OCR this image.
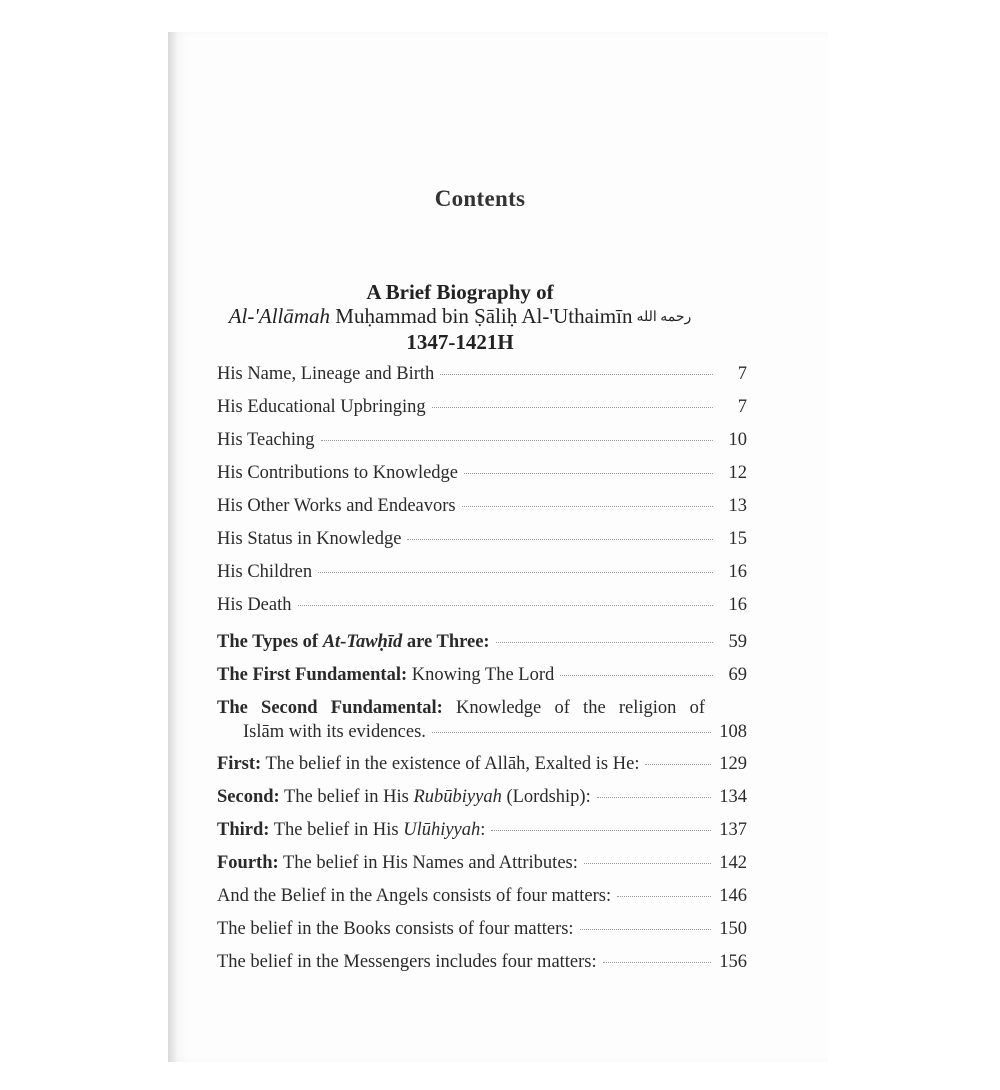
Contents
A Brief Biography of
Al-'Allāmah Muḥammad bin Ṣāliḥ Al-'Uthaimīn رحمه الله
1347-1421H
His Name, Lineage and Birth	7
His Educational Upbringing	7
His Teaching	10
His Contributions to Knowledge	12
His Other Works and Endeavors	13
His Status in Knowledge	15
His Children	16
His Death	16
The Types of At-Tawḥīd are Three:	59
The First Fundamental: Knowing The Lord	69
The Second Fundamental: Knowledge of the religion of
Islām with its evidences.	108
First: The belief in the existence of Allāh, Exalted is He:	129
Second: The belief in His Rubūbiyyah (Lordship):	134
Third: The belief in His Ulūhiyyah:	137
Fourth: The belief in His Names and Attributes:	142
And the Belief in the Angels consists of four matters:	146
The belief in the Books consists of four matters:	150
The belief in the Messengers includes four matters:	156
